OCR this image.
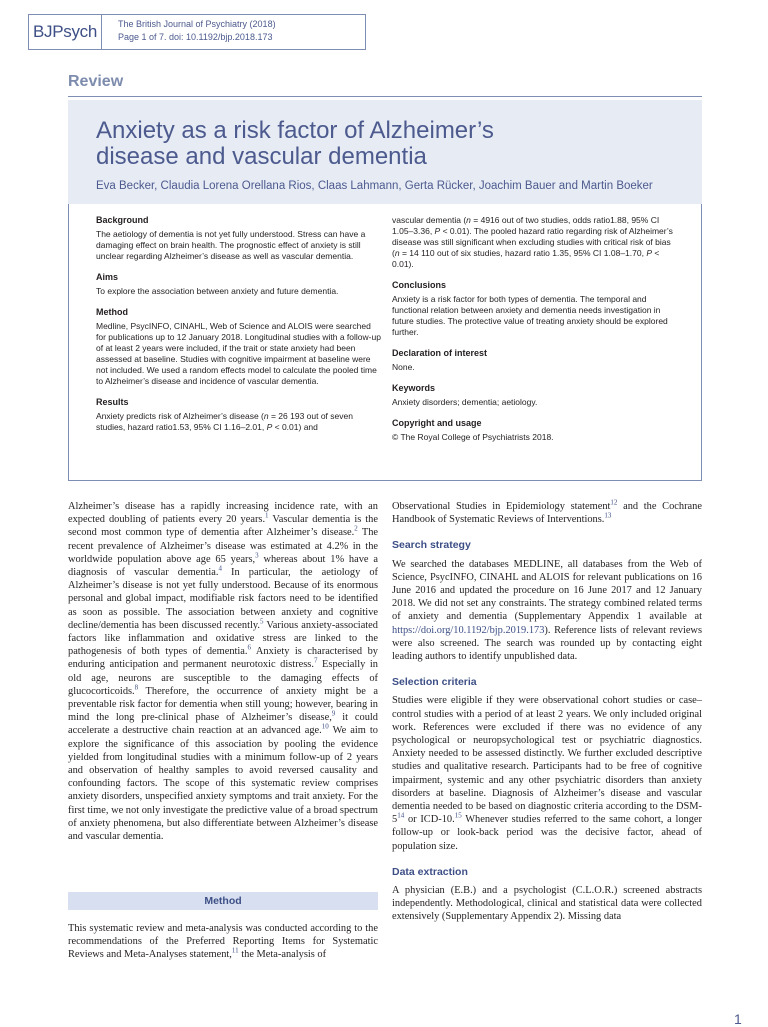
BJPsych	The British Journal of Psychiatry (2018)
Page 1 of 7. doi: 10.1192/bjp.2018.173
Review
Anxiety as a risk factor of Alzheimer’s
disease and vascular dementia
Eva Becker, Claudia Lorena Orellana Rios, Claas Lahmann, Gerta Rücker, Joachim Bauer and Martin Boeker
Background

The aetiology of dementia is not yet fully understood. Stress can have a damaging effect on brain health. The prognostic effect of anxiety is still unclear regarding Alzheimer’s disease as well as vascular dementia.

Aims

To explore the association between anxiety and future dementia.

Method

Medline, PsycINFO, CINAHL, Web of Science and ALOIS were searched for publications up to 12 January 2018. Longitudinal studies with a follow-up of at least 2 years were included, if the trait or state anxiety had been assessed at baseline. Studies with cognitive impairment at baseline were not included. We used a random effects model to calculate the pooled time to Alzheimer’s disease and incidence of vascular dementia.

Results

Anxiety predicts risk of Alzheimer’s disease (n = 26 193 out of seven studies, hazard ratio1.53, 95% CI 1.16–2.01, P < 0.01) and

vascular dementia (n = 4916 out of two studies, odds ratio1.88, 95% CI 1.05–3.36, P < 0.01). The pooled hazard ratio regarding risk of Alzheimer’s disease was still significant when excluding studies with critical risk of bias (n = 14 110 out of six studies, hazard ratio 1.35, 95% CI 1.08–1.70, P < 0.01).

Conclusions

Anxiety is a risk factor for both types of dementia. The temporal and functional relation between anxiety and dementia needs investigation in future studies. The protective value of treating anxiety should be explored further.

Declaration of interest

None.

Keywords

Anxiety disorders; dementia; aetiology.

Copyright and usage

© The Royal College of Psychiatrists 2018.

Alzheimer’s disease has a rapidly increasing incidence rate, with an expected doubling of patients every 20 years.$^1$ Vascular dementia is the second most common type of dementia after Alzheimer’s disease.$^2$ The recent prevalence of Alzheimer’s disease was estimated at 4.2% in the worldwide population above age 65 years,$^3$ whereas about 1% have a diagnosis of vascular dementia.$^4$ In particular, the aetiology of Alzheimer’s disease is not yet fully understood. Because of its enormous personal and global impact, modifiable risk factors need to be identified as soon as possible. The association between anxiety and cognitive decline/dementia has been discussed recently.$^5$ Various anxiety-associated factors like inflammation and oxidative stress are linked to the pathogenesis of both types of dementia.$^6$ Anxiety is characterised by enduring anticipation and permanent neurotoxic distress.$^7$ Especially in old age, neurons are susceptible to the damaging effects of glucocorticoids.$^8$ Therefore, the occurrence of anxiety might be a preventable risk factor for dementia when still young; however, bearing in mind the long pre-clinical phase of Alzheimer’s disease,$^9$ it could accelerate a destructive chain reaction at an advanced age.$^{10}$ We aim to explore the significance of this association by pooling the evidence yielded from longitudinal studies with a minimum follow-up of 2 years and observation of healthy samples to avoid reversed causality and confounding factors. The scope of this systematic review comprises anxiety disorders, unspecified anxiety symptoms and trait anxiety. For the first time, we not only investigate the predictive value of a broad spectrum of anxiety phenomena, but also differentiate between Alzheimer’s disease and vascular dementia.

Method

This systematic review and meta-analysis was conducted according to the recommendations of the Preferred Reporting Items for Systematic Reviews and Meta-Analyses statement,$^{11}$ the Meta-analysis of

Observational Studies in Epidemiology statement$^{12}$ and the Cochrane Handbook of Systematic Reviews of Interventions.$^{13}$

Search strategy

We searched the databases MEDLINE, all databases from the Web of Science, PsycINFO, CINAHL and ALOIS for relevant publications on 16 June 2016 and updated the procedure on 16 June 2017 and 12 January 2018. We did not set any constraints. The strategy combined related terms of anxiety and dementia (Supplementary Appendix 1 available at https://doi.org/10.1192/bjp.2019.173). Reference lists of relevant reviews were also screened. The search was rounded up by contacting eight leading authors to identify unpublished data.

Selection criteria

Studies were eligible if they were observational cohort studies or case–control studies with a period of at least 2 years. We only included original work. References were excluded if there was no evidence of any psychological or neuropsychological test or psychiatric diagnostics. Anxiety needed to be assessed distinctly. We further excluded descriptive studies and qualitative research. Participants had to be free of cognitive impairment, systemic and any other psychiatric disorders than anxiety disorders at baseline. Diagnosis of Alzheimer’s disease and vascular dementia needed to be based on diagnostic criteria according to the DSM-$5^{14}$ or ICD-10.15 Whenever studies referred to the same cohort, a longer follow-up or look-back period was the decisive factor, ahead of population size.

Data extraction

A physician (E.B.) and a psychologist (C.L.O.R.) screened abstracts independently. Methodological, clinical and statistical data were collected extensively (Supplementary Appendix 2). Missing data

1
